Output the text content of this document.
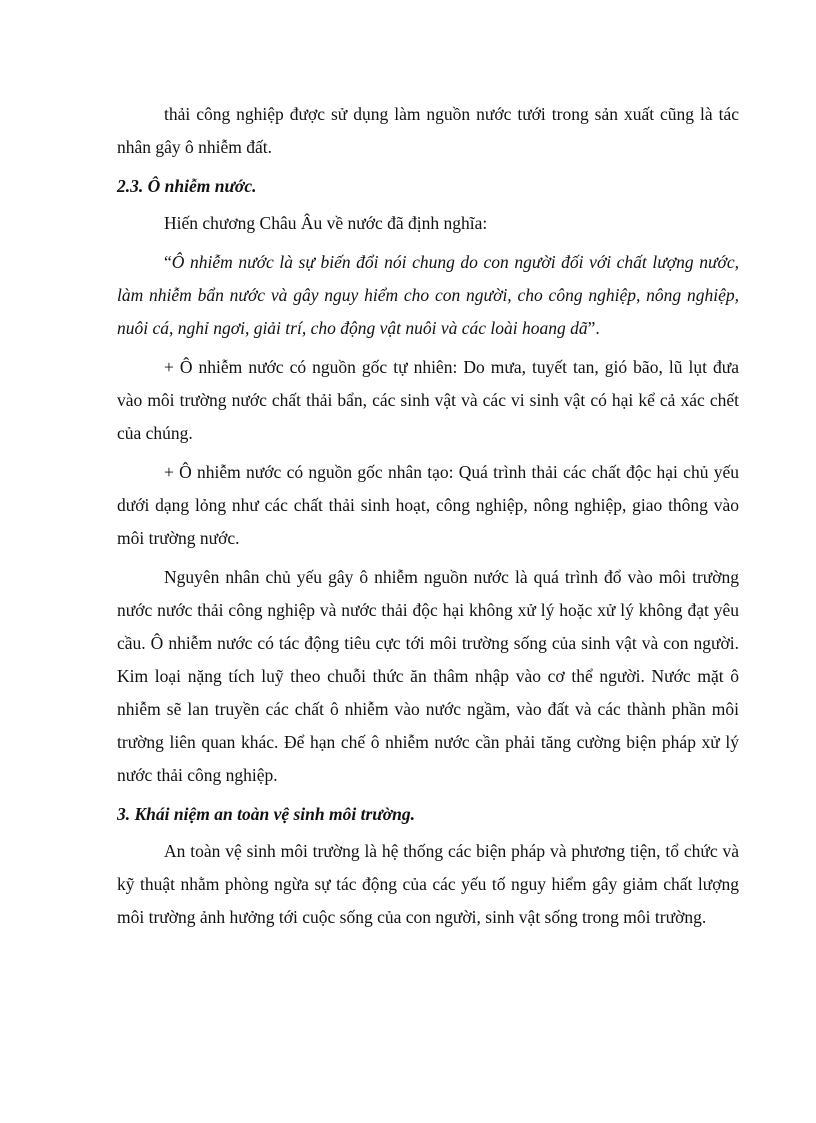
thải công nghiệp được sử dụng làm nguồn nước tưới trong sản xuất cũng là tác nhân gây ô nhiễm đất.

2.3. Ô nhiễm nước.

Hiến chương Châu Âu về nước đã định nghĩa:

“Ô nhiễm nước là sự biến đổi nói chung do con người đối với chất lượng nước, làm nhiễm bẩn nước và gây nguy hiểm cho con người, cho công nghiệp, nông nghiệp, nuôi cá, nghỉ ngơi, giải trí, cho động vật nuôi và các loài hoang dã”.

+ Ô nhiễm nước có nguồn gốc tự nhiên: Do mưa, tuyết tan, gió bão, lũ lụt đưa vào môi trường nước chất thải bẩn, các sinh vật và các vi sinh vật có hại kể cả xác chết của chúng.

+ Ô nhiễm nước có nguồn gốc nhân tạo: Quá trình thải các chất độc hại chủ yếu dưới dạng lỏng như các chất thải sinh hoạt, công nghiệp, nông nghiệp, giao thông vào môi trường nước.

Nguyên nhân chủ yếu gây ô nhiễm nguồn nước là quá trình đổ vào môi trường nước nước thải công nghiệp và nước thải độc hại không xử lý hoặc xử lý không đạt yêu cầu. Ô nhiễm nước có tác động tiêu cực tới môi trường sống của sinh vật và con người. Kim loại nặng tích luỹ theo chuỗi thức ăn thâm nhập vào cơ thể người. Nước mặt ô nhiễm sẽ lan truyền các chất ô nhiễm vào nước ngầm, vào đất và các thành phần môi trường liên quan khác. Để hạn chế ô nhiễm nước cần phải tăng cường biện pháp xử lý nước thải công nghiệp.

3. Khái niệm an toàn vệ sinh môi trường.

An toàn vệ sinh môi trường là hệ thống các biện pháp và phương tiện, tổ chức và kỹ thuật nhằm phòng ngừa sự tác động của các yếu tố nguy hiểm gây giảm chất lượng môi trường ảnh hưởng tới cuộc sống của con người, sinh vật sống trong môi trường.
